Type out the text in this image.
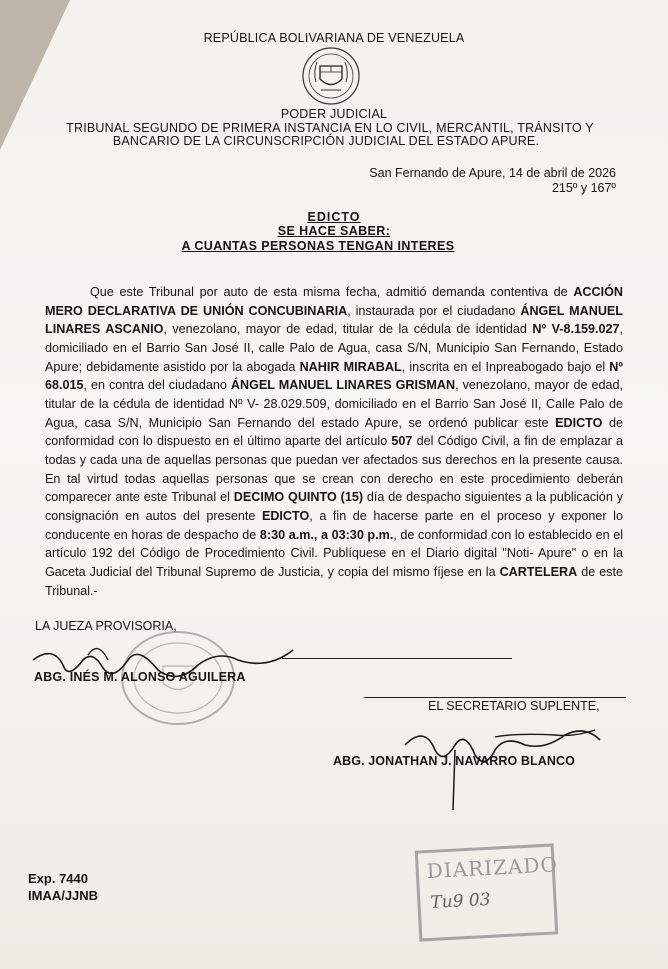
REPÚBLICA BOLIVARIANA DE VENEZUELA
PODER JUDICIAL
TRIBUNAL SEGUNDO DE PRIMERA INSTANCIA EN LO CIVIL, MERCANTIL, TRÁNSITO Y
BANCARIO DE LA CIRCUNSCRIPCIÓN JUDICIAL DEL ESTADO APURE.
San Fernando de Apure, 14 de abril de 2026
215º y 167º
EDICTO
SE HACE SABER:
A CUANTAS PERSONAS TENGAN INTERES
Que este Tribunal por auto de esta misma fecha, admitió demanda contentiva de ACCIÓN MERO DECLARATIVA DE UNIÓN CONCUBINARIA, instaurada por el ciudadano ÁNGEL MANUEL LINARES ASCANIO, venezolano, mayor de edad, titular de la cédula de identidad Nº V-8.159.027, domiciliado en el Barrio San José II, calle Palo de Agua, casa S/N, Municipio San Fernando, Estado Apure; debidamente asistido por la abogada NAHIR MIRABAL, inscrita en el Inpreabogado bajo el Nº 68.015, en contra del ciudadano ÁNGEL MANUEL LINARES GRISMAN, venezolano, mayor de edad, titular de la cédula de identidad Nº V- 28.029.509, domiciliado en el Barrio San José II, Calle Palo de Agua, casa S/N, Municipio San Fernando del estado Apure, se ordenó publicar este EDICTO de conformidad con lo dispuesto en el último aparte del artículo 507 del Código Civil, a fin de emplazar a todas y cada una de aquellas personas que puedan ver afectados sus derechos en la presente causa. En tal virtud todas aquellas personas que se crean con derecho en este procedimiento deberán comparecer ante este Tribunal el DECIMO QUINTO (15) día de despacho siguientes a la publicación y consignación en autos del presente EDICTO, a fin de hacerse parte en el proceso y exponer lo conducente en horas de despacho de 8:30 a.m., a 03:30 p.m., de conformidad con lo establecido en el artículo 192 del Código de Procedimiento Civil. Publíquese en el Diario digital "Noti- Apure" o en la Gaceta Judicial del Tribunal Supremo de Justicia, y copia del mismo fíjese en la CARTELERA de este Tribunal.-
LA JUEZA PROVISORIA,
ABG. INÉS M. ALONSO AGUILERA
EL SECRETARIO SUPLENTE,
ABG. JONATHAN J. NAVARRO BLANCO
Exp. 7440
IMAA/JJNB
DIARIZADO
Tu9 03
